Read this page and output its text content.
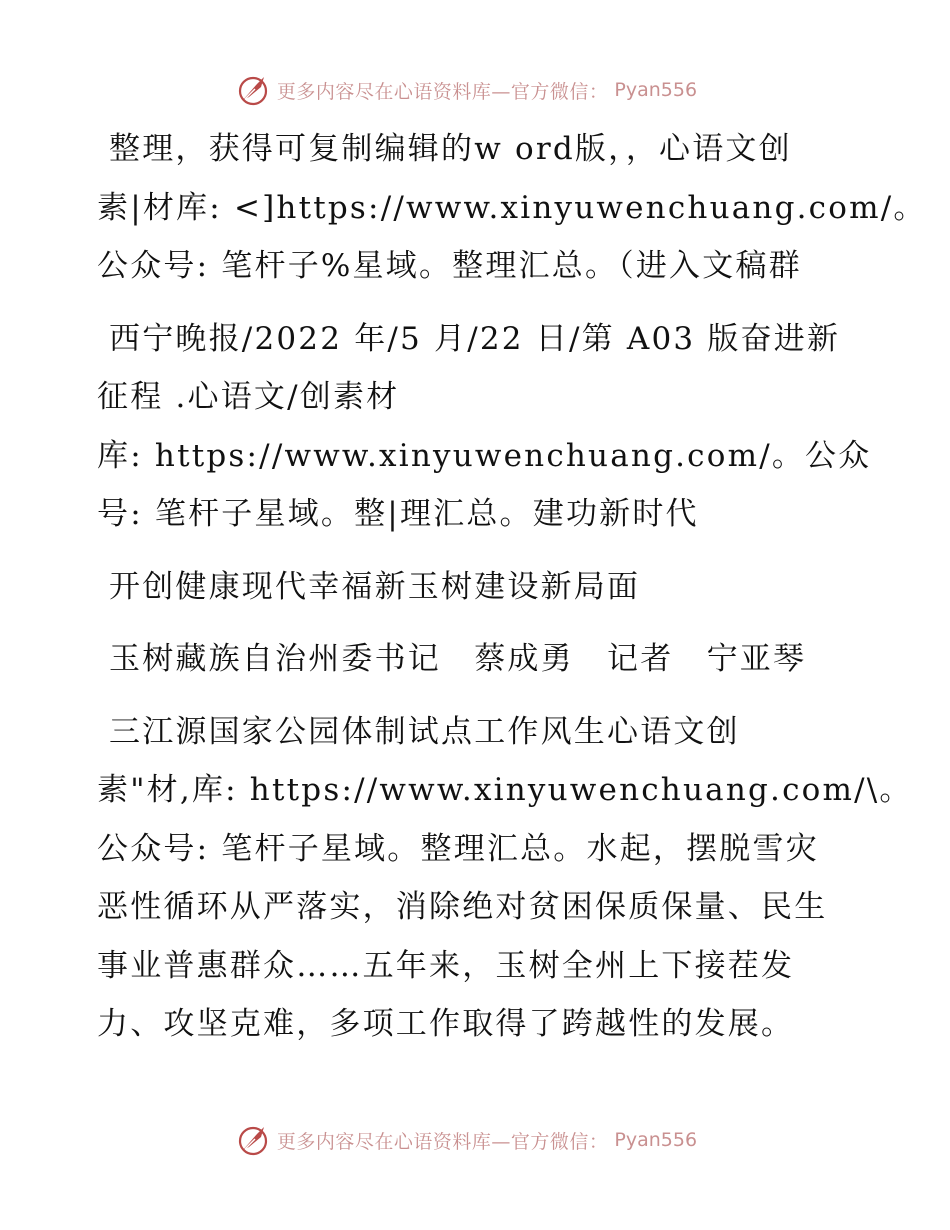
更多内容尽在心语资料库—官方微信： Pyan556

整理，获得可复制编辑的w ord版，，心语文创

素|材库: <]https://www.xinyuwenchuang.com/。

公众号: 笔杆子%星域。整理汇总。（进入文稿群

西宁晚报/2022 年/5 月/22 日/第 A03 版奋进新

征程 .心语文/创素材

库: https://www.xinyuwenchuang.com/。公众

号: 笔杆子星域。整|理汇总。建功新时代

开创健康现代幸福新玉树建设新局面

玉树藏族自治州委书记　蔡成勇　记者　宁亚琴

三江源国家公园体制试点工作风生心语文创

素"材,库: https://www.xinyuwenchuang.com/\。

公众号: 笔杆子星域。整理汇总。水起，摆脱雪灾

恶性循环从严落实，消除绝对贫困保质保量、民生

事业普惠群众……五年来，玉树全州上下接茬发

力、攻坚克难，多项工作取得了跨越性的发展。

更多内容尽在心语资料库—官方微信： Pyan556
